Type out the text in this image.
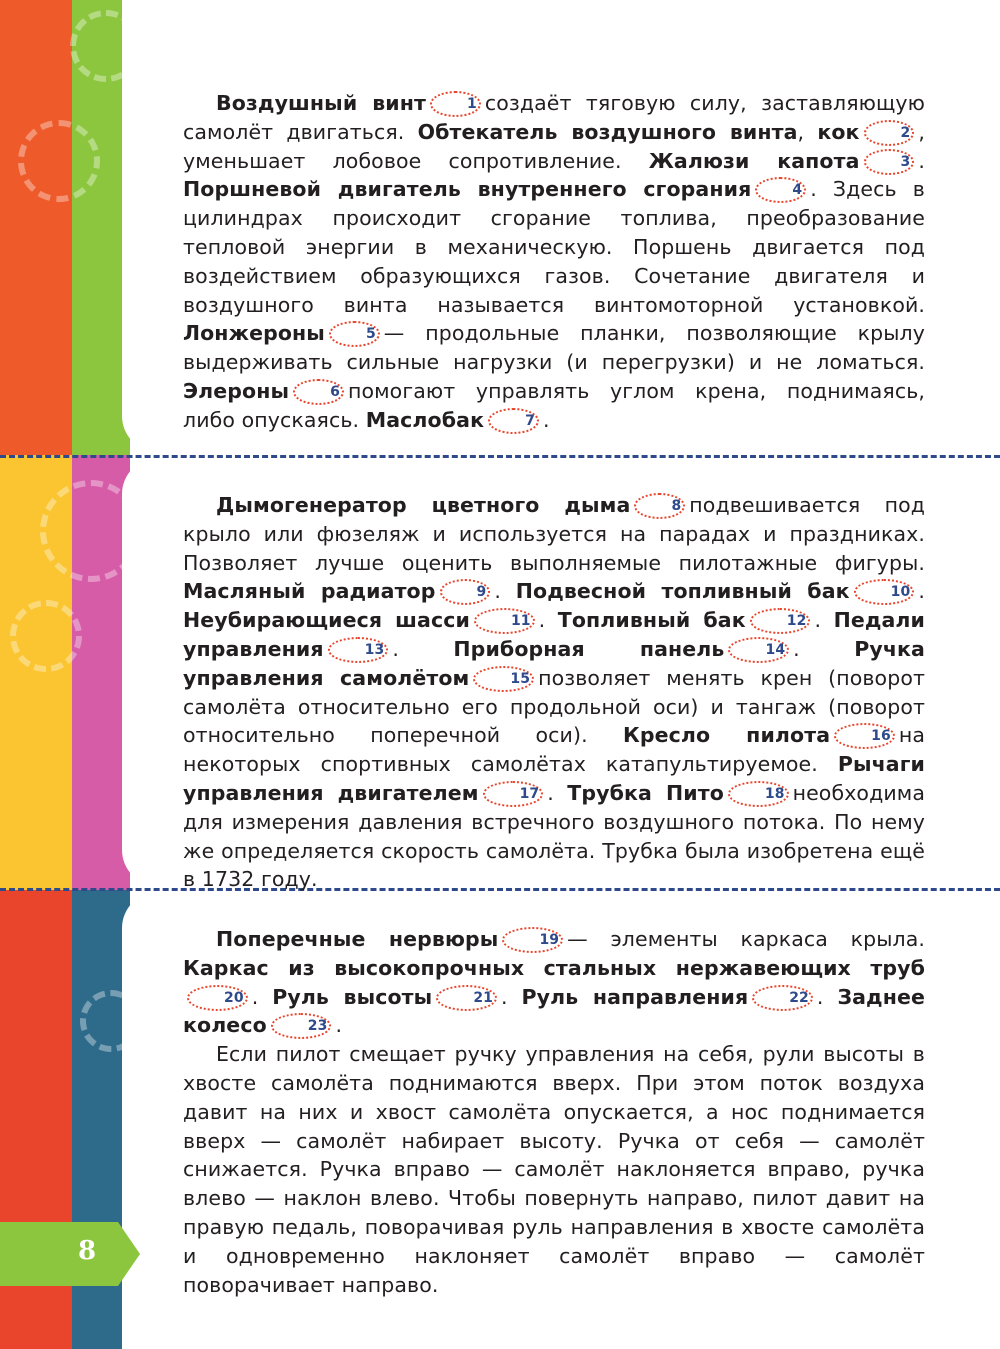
Воздушный винт	1 создаёт тяговую силу, заставляющую самолёт двигаться. Обтекатель воздушного винта, кок	2 , уменьшает лобовое сопротивление. Жалюзи капота	3 . Поршневой двигатель внутреннего сгорания	4 . Здесь в цилиндрах происходит сгорание топлива, преобразование тепловой энергии в механическую. Поршень двигается под воздействием образующихся газов. Сочетание двигателя и воздушного винта называется винтомоторной установкой. Лонжероны	5 — продольные планки, позволяющие крылу выдерживать сильные нагрузки (и перегрузки) и не ломаться. Элероны	6 помогают управлять углом крена, поднимаясь, либо опускаясь. Маслобак	7 .

Дымогенератор цветного дыма	8 подвешивается под крыло или фюзеляж и используется на парадах и праздниках. Позволяет лучше оценить выполняемые пилотажные фигуры. Масляный радиатор	9 . Подвесной топливный бак	10 . Неубирающиеся шасси	11 . Топливный бак	12 . Педали управления	13 .	Приборная панель	14 .	Ручка управления самолётом	15 позволяет менять крен (поворот самолёта относительно его продольной оси) и тангаж (поворот относительно поперечной оси). Кресло пилота	16 на некоторых спортивных самолётах катапультируемое. Рычаги управления двигателем	17 . Трубка Пито	18 необходима для измерения давления встречного воздушного потока. По нему же определяется скорость самолёта. Трубка была изобретена ещё в 1732 году.

Поперечные нервюры	19 — элементы каркаса крыла. Каркас из высокопрочных стальных нержавеющих труб20 . Руль высоты	21 . Руль направления	22 . Заднее колесо	23 .

Если пилот смещает ручку управления на себя, рули высоты в хвосте самолёта поднимаются вверх. При этом поток воздуха давит на них и хвост самолёта опускается, а нос поднимается вверх — самолёт набирает высоту. Ручка от себя — самолёт снижается. Ручка вправо — самолёт наклоняется вправо, ручка влево — наклон влево. Чтобы повернуть направо, пилот давит на правую педаль, поворачивая руль направления в хвосте самолёта и одновременно наклоняет самолёт вправо — самолёт поворачивает направо.

8
